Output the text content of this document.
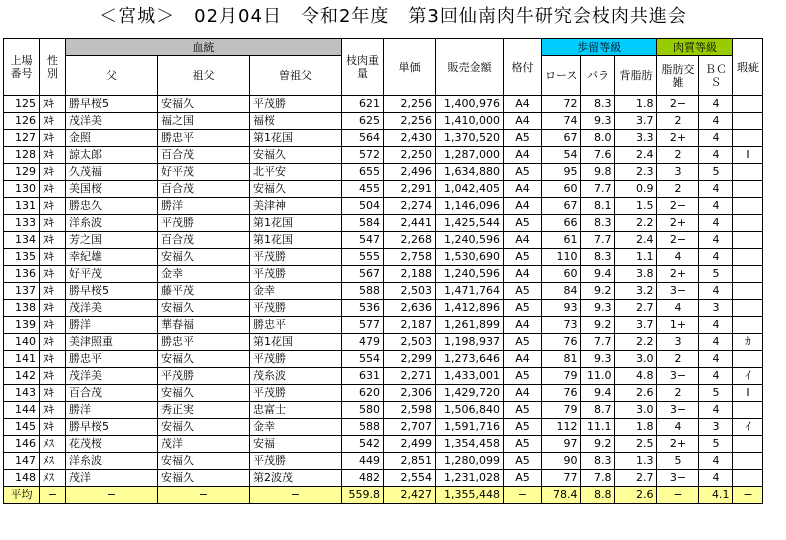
＜宮城＞　02月04日　令和2年度　第3回仙南肉牛研究会枝肉共進会
上場番号	性別	血統			枝肉重量	単価	販売金額	格付	歩留等級			肉質等級		瑕疵
		父	祖父	曽祖父					ロース	バラ	背脂肪	脂肪交雑	ＢＣＳ	
125	ﾇｷ	勝早桜5	安福久	平茂勝	621	2,256	1,400,976	A4	72	8.3	1.8	2−	4	
126	ﾇｷ	茂洋美	福之国	福桜	625	2,256	1,410,000	A4	74	9.3	3.7	2	4	
127	ﾇｷ	金照	勝忠平	第1花国	564	2,430	1,370,520	A5	67	8.0	3.3	2+	4	
128	ﾇｷ	諒太郎	百合茂	安福久	572	2,250	1,287,000	A4	54	7.6	2.4	2	4	Ⅰ
129	ﾇｷ	久茂福	好平茂	北平安	655	2,496	1,634,880	A5	95	9.8	2.3	3	5	
130	ﾇｷ	美国桜	百合茂	安福久	455	2,291	1,042,405	A4	60	7.7	0.9	2	4	
131	ﾇｷ	勝忠久	勝洋	美津神	504	2,274	1,146,096	A4	67	8.1	1.5	2−	4	
133	ﾇｷ	洋糸波	平茂勝	第1花国	584	2,441	1,425,544	A5	66	8.3	2.2	2+	4	
134	ﾇｷ	芳之国	百合茂	第1花国	547	2,268	1,240,596	A4	61	7.7	2.4	2−	4	
135	ﾇｷ	幸紀雄	安福久	平茂勝	555	2,758	1,530,690	A5	110	8.3	1.1	4	4	
136	ﾇｷ	好平茂	金幸	平茂勝	567	2,188	1,240,596	A4	60	9.4	3.8	2+	5	
137	ﾇｷ	勝早桜5	藤平茂	金幸	588	2,503	1,471,764	A5	84	9.2	3.2	3−	4	
138	ﾇｷ	茂洋美	安福久	平茂勝	536	2,636	1,412,896	A5	93	9.3	2.7	4	3	
139	ﾇｷ	勝洋	華春福	勝忠平	577	2,187	1,261,899	A4	73	9.2	3.7	1+	4	
140	ﾇｷ	美津照重	勝忠平	第1花国	479	2,503	1,198,937	A5	76	7.7	2.2	3	4	ｶ
141	ﾇｷ	勝忠平	安福久	平茂勝	554	2,299	1,273,646	A4	81	9.3	3.0	2	4	
142	ﾇｷ	茂洋美	平茂勝	茂糸波	631	2,271	1,433,001	A5	79	11.0	4.8	3−	4	ｲ
143	ﾇｷ	百合茂	安福久	平茂勝	620	2,306	1,429,720	A4	76	9.4	2.6	2	5	Ⅰ
144	ﾇｷ	勝洋	秀正実	忠富士	580	2,598	1,506,840	A5	79	8.7	3.0	3−	4	
145	ﾇｷ	勝早桜5	安福久	金幸	588	2,707	1,591,716	A5	112	11.1	1.8	4	3	ｲ
146	ﾒｽ	花茂桜	茂洋	安福	542	2,499	1,354,458	A5	97	9.2	2.5	2+	5	
147	ﾒｽ	洋糸波	安福久	平茂勝	449	2,851	1,280,099	A5	90	8.3	1.3	5	4	
148	ﾒｽ	茂洋	安福久	第2波茂	482	2,554	1,231,028	A5	77	7.8	2.7	3−	4	
平均	−	−	−	−	559.8	2,427	1,355,448	−	78.4	8.8	2.6	−	4.1	−
